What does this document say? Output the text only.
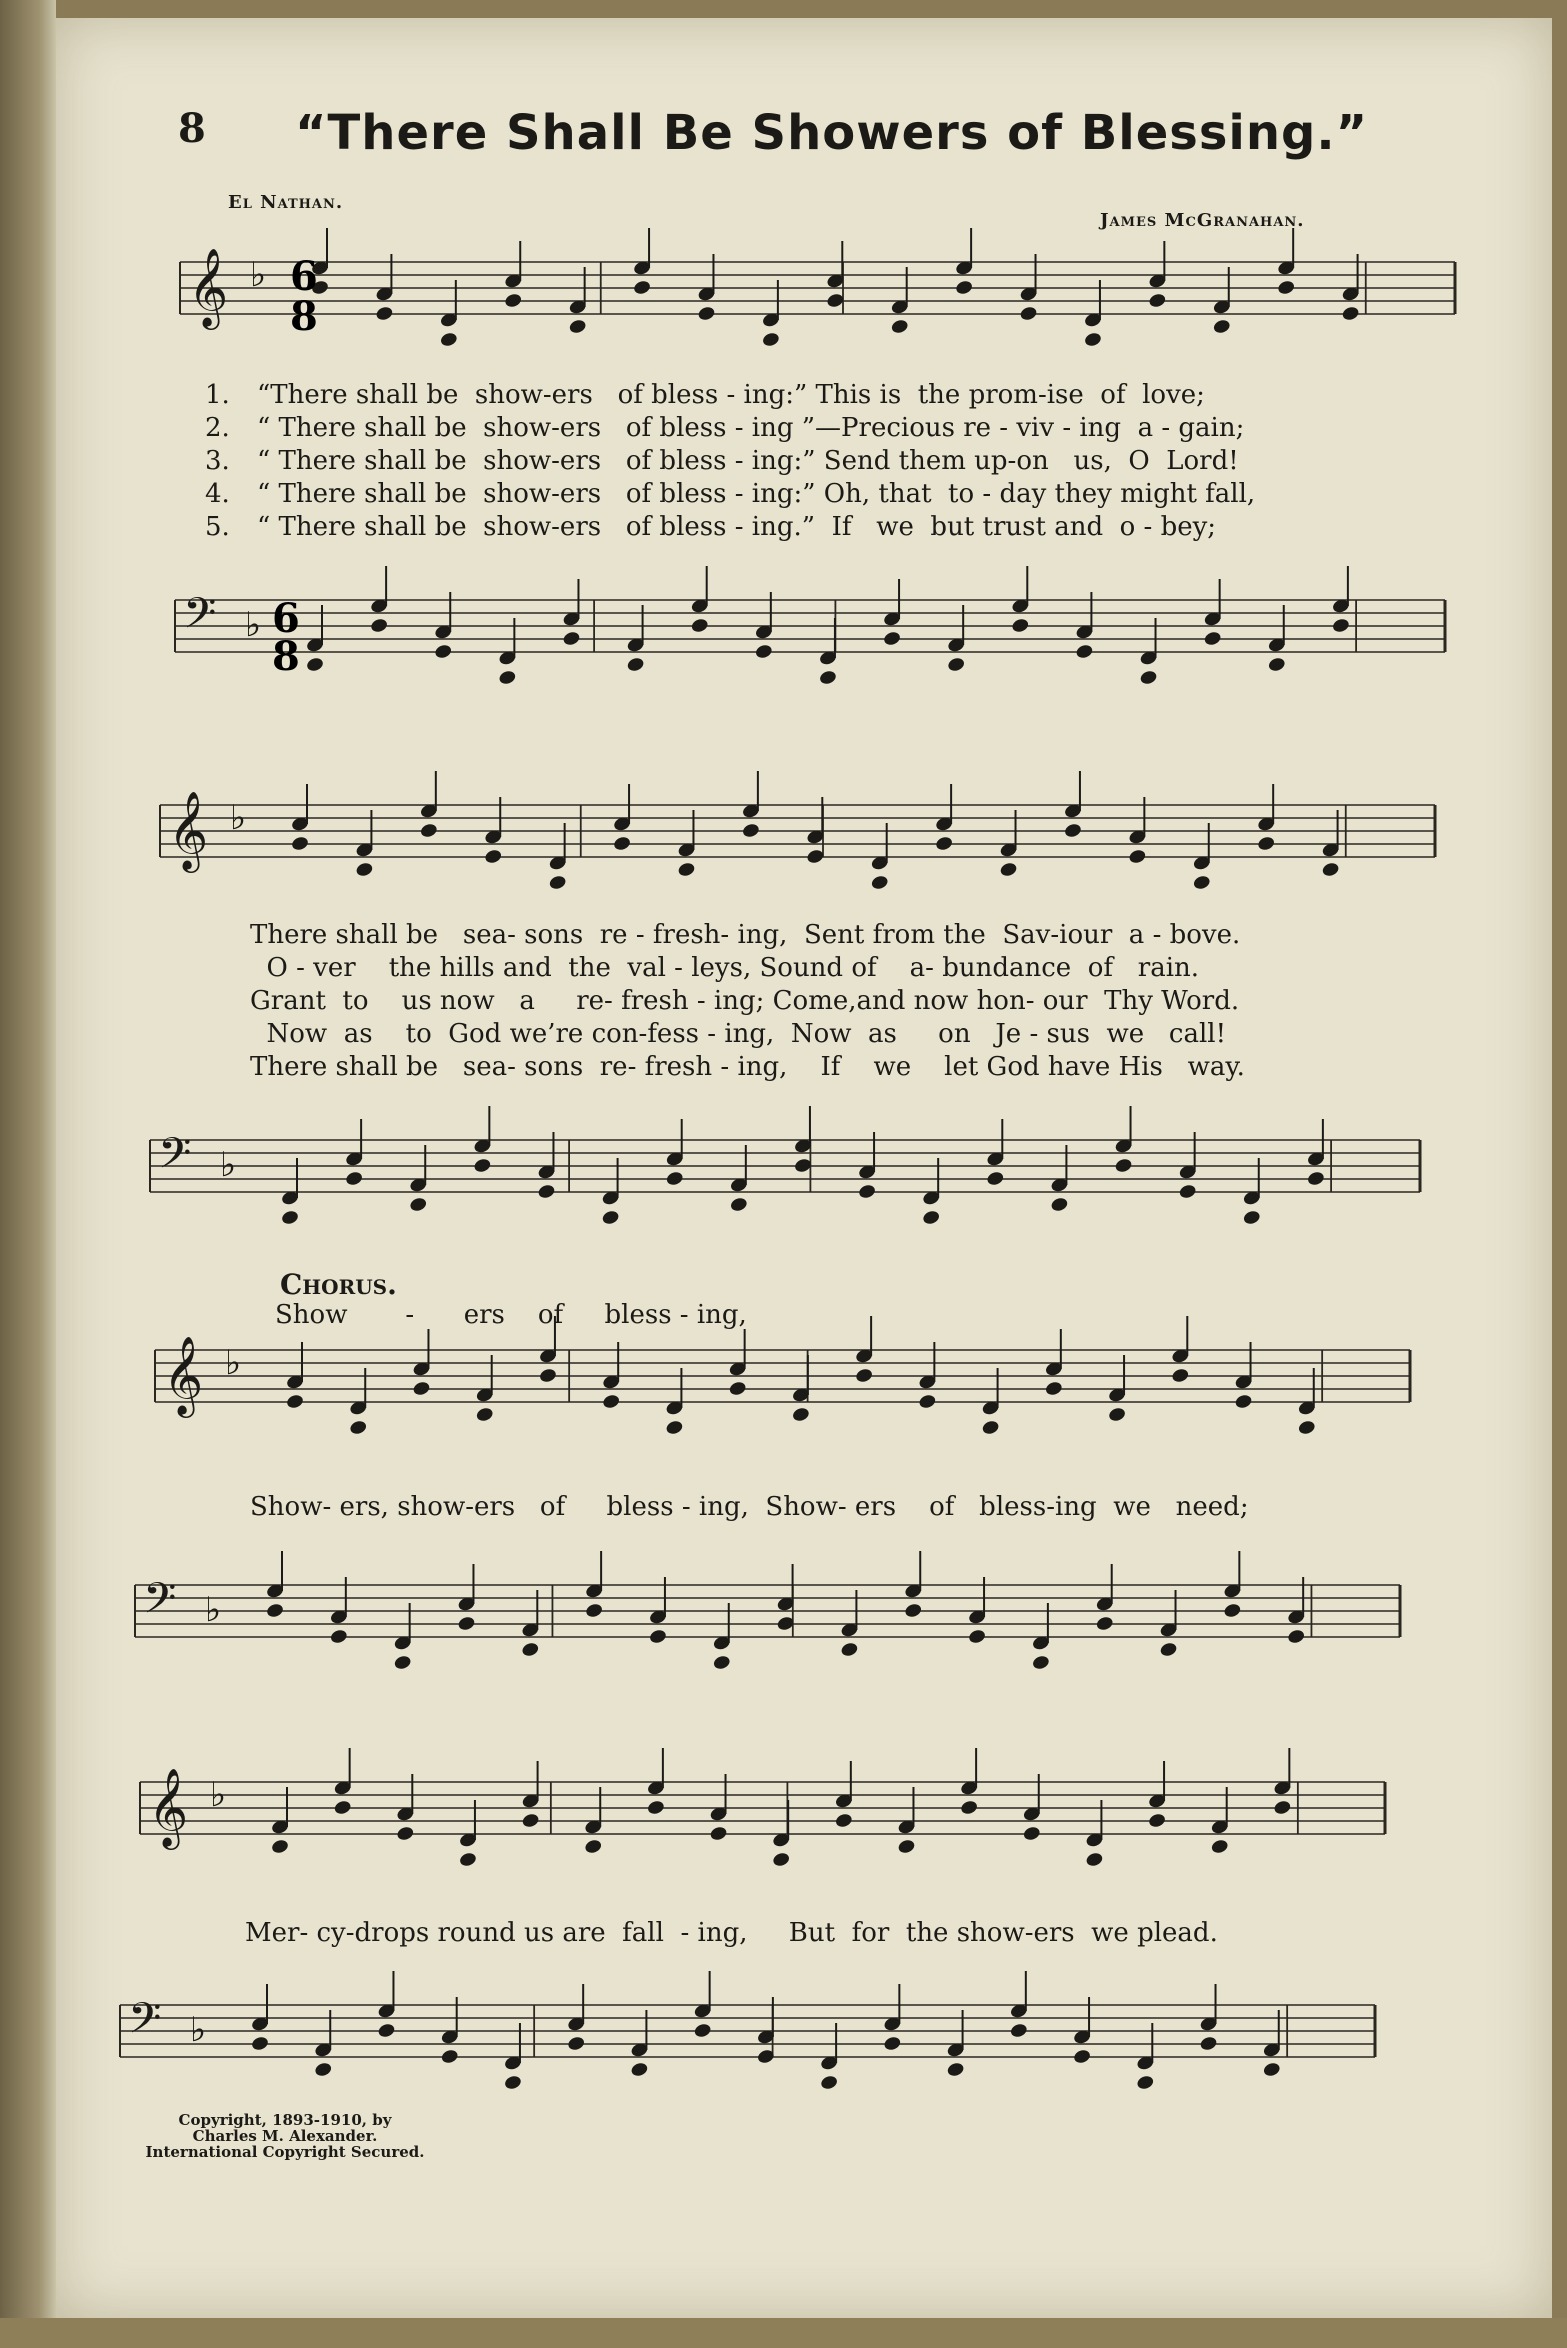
8 “There Shall Be Showers of Blessing.”
El Nathan.
James McGranahan.
𝄞 ♭
𝄢 ♭
𝄞 ♭
𝄢 ♭
𝄞 ♭
𝄢 ♭
𝄞 ♭
𝄢 ♭
6
8
6
8
1. “There shall be  show-ers   of bless - ing:” This is  the prom-ise  of  love;
2. “ There shall be  show-ers   of bless - ing ”—Precious re - viv - ing  a - gain;
3. “ There shall be  show-ers   of bless - ing:” Send them up-on   us,  O  Lord!
4. “ There shall be  show-ers   of bless - ing:” Oh, that  to - day they might fall,
5. “ There shall be  show-ers   of bless - ing.”  If   we  but trust and  o - bey;
There shall be   sea- sons  re - fresh- ing,  Sent from the  Sav-iour  a - bove.
O - ver    the hills and  the  val - leys, Sound of    a- bundance  of   rain.
Grant  to    us now   a     re- fresh - ing; Come,and now hon- our  Thy Word.
Now  as    to  God we’re con-fess - ing,  Now  as     on   Je - sus  we   call!
There shall be   sea- sons  re- fresh - ing,    If    we    let God have His   way.
Chorus.
Show       -      ers    of     bless - ing,
Show- ers, show-ers   of     bless - ing,  Show- ers    of   bless-ing  we   need;
Mer- cy-drops round us are  fall  - ing,     But  for  the show-ers  we plead.
Copyright, 1893-1910, by
Charles M. Alexander.
International Copyright Secured.
